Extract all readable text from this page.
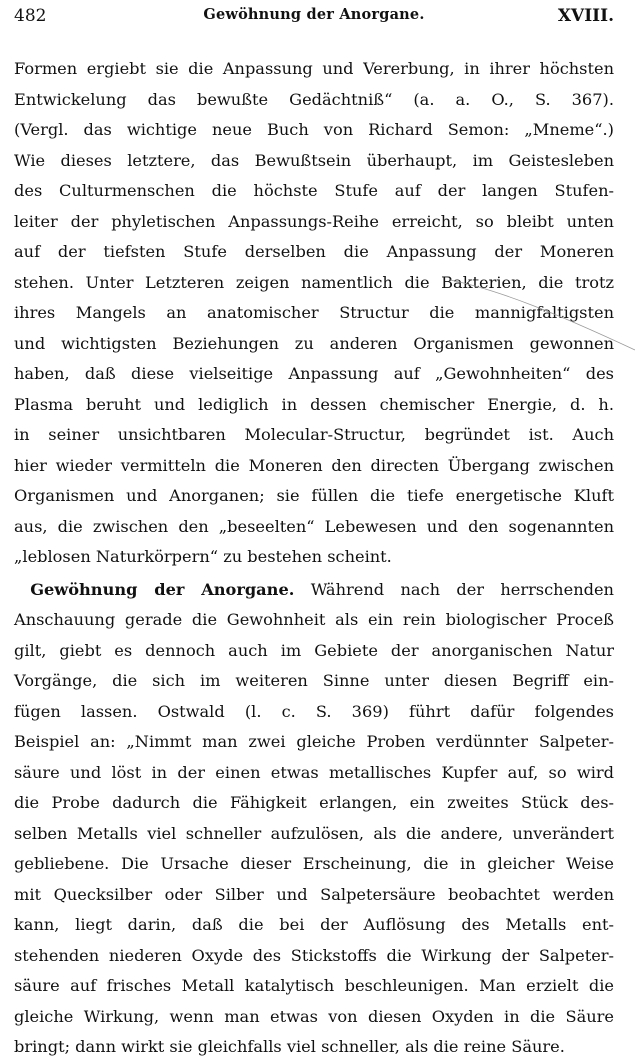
482	Gewöhnung der Anorgane.	XVIII.
Formen ergiebt sie die Anpassung und Vererbung, in ihrer höchsten
Entwickelung das bewußte Gedächtniß“ (a. a. O., S. 367).
(Vergl. das wichtige neue Buch von Richard Semon: „Mneme“.)
Wie dieses letztere, das Bewußtsein überhaupt, im Geistesleben
des Culturmenschen die höchste Stufe auf der langen Stufen-
leiter der phyletischen Anpassungs-Reihe erreicht, so bleibt unten
auf der tiefsten Stufe derselben die Anpassung der Moneren
stehen. Unter Letzteren zeigen namentlich die Bakterien, die trotz
ihres Mangels an anatomischer Structur die mannigfaltigsten
und wichtigsten Beziehungen zu anderen Organismen gewonnen
haben, daß diese vielseitige Anpassung auf „Gewohnheiten“ des
Plasma beruht und lediglich in dessen chemischer Energie, d. h.
in seiner unsichtbaren Molecular-Structur, begründet ist. Auch
hier wieder vermitteln die Moneren den directen Übergang zwischen
Organismen und Anorganen; sie füllen die tiefe energetische Kluft
aus, die zwischen den „beseelten“ Lebewesen und den sogenannten
„leblosen Naturkörpern“ zu bestehen scheint.
 Gewöhnung der Anorgane. Während nach der herrschenden
Anschauung gerade die Gewohnheit als ein rein biologischer Proceß
gilt, giebt es dennoch auch im Gebiete der anorganischen Natur
Vorgänge, die sich im weiteren Sinne unter diesen Begriff ein-
fügen lassen. Ostwald (l. c. S. 369) führt dafür folgendes
Beispiel an: „Nimmt man zwei gleiche Proben verdünnter Salpeter-
säure und löst in der einen etwas metallisches Kupfer auf, so wird
die Probe dadurch die Fähigkeit erlangen, ein zweites Stück des-
selben Metalls viel schneller aufzulösen, als die andere, unverändert
gebliebene. Die Ursache dieser Erscheinung, die in gleicher Weise
mit Quecksilber oder Silber und Salpetersäure beobachtet werden
kann, liegt darin, daß die bei der Auflösung des Metalls ent-
stehenden niederen Oxyde des Stickstoffs die Wirkung der Salpeter-
säure auf frisches Metall katalytisch beschleunigen. Man erzielt die
gleiche Wirkung, wenn man etwas von diesen Oxyden in die Säure
bringt; dann wirkt sie gleichfalls viel schneller, als die reine Säure.
